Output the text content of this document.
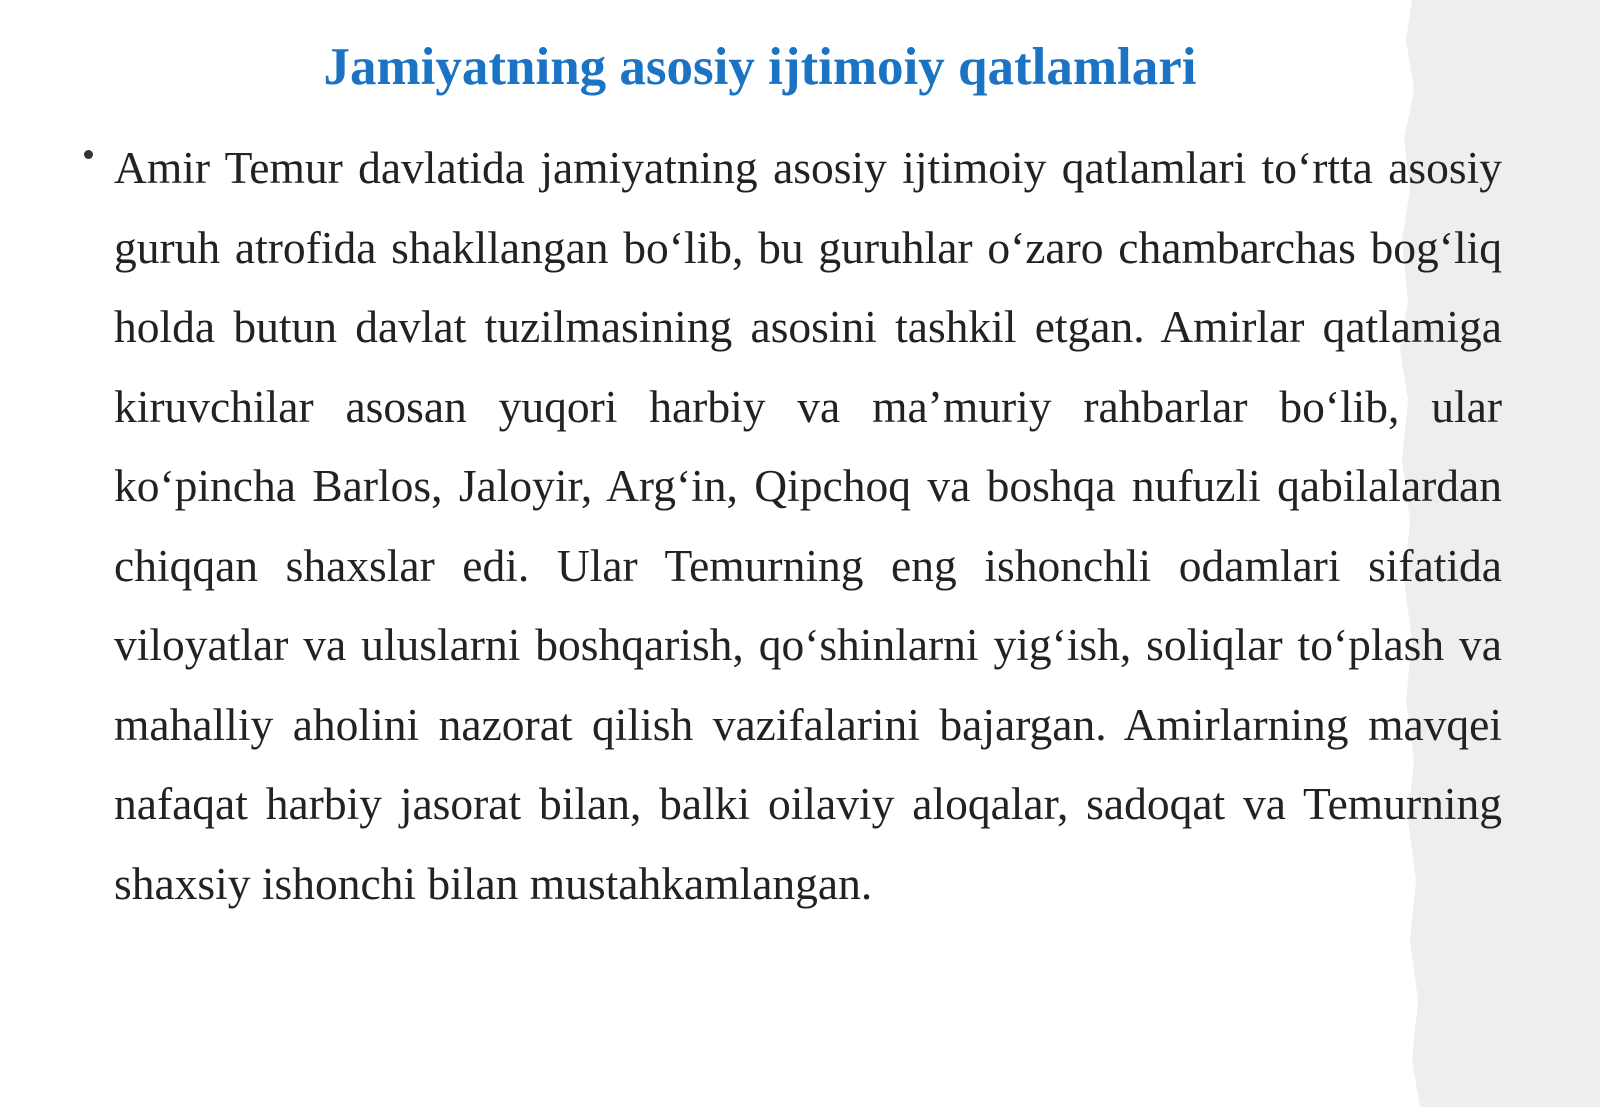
Jamiyatning asosiy ijtimoiy qatlamlari

Amir Temur davlatida jamiyatning asosiy ijtimoiy qatlamlari to‘rtta asosiy guruh atrofida shakllangan bo‘lib, bu guruhlar o‘zaro chambarchas bog‘liq holda butun davlat tuzilmasining asosini tashkil etgan. Amirlar qatlamiga kiruvchilar asosan yuqori harbiy va ma’muriy rahbarlar bo‘lib, ular ko‘pincha Barlos, Jaloyir, Arg‘in, Qipchoq va boshqa nufuzli qabilalardan chiqqan shaxslar edi. Ular Temurning eng ishonchli odamlari sifatida viloyatlar va uluslarni boshqarish, qo‘shinlarni yig‘ish, soliqlar to‘plash va mahalliy aholini nazorat qilish vazifalarini bajargan. Amirlarning mavqei nafaqat harbiy jasorat bilan, balki oilaviy aloqalar, sadoqat va Temurning shaxsiy ishonchi bilan mustahkamlangan.
